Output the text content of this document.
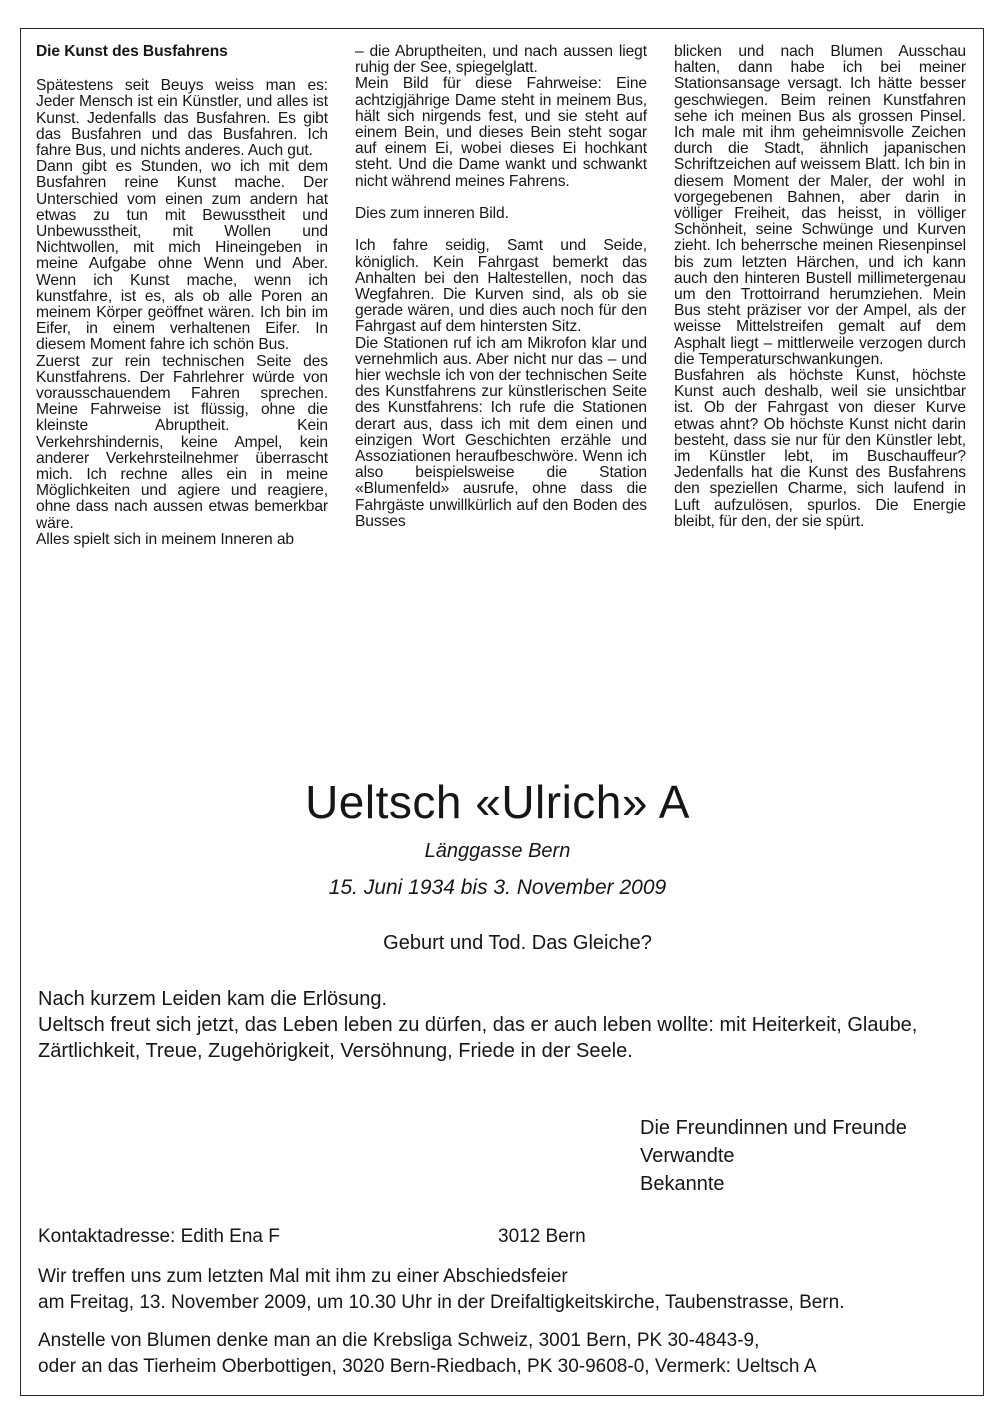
Die Kunst des Busfahrens

Spätestens seit Beuys weiss man es: Jeder Mensch ist ein Künstler, und alles ist Kunst. Jedenfalls das Busfahren. Es gibt das Busfahren und das Busfahren. Ich fahre Bus, und nichts anderes. Auch gut.

Dann gibt es Stunden, wo ich mit dem Busfahren reine Kunst mache. Der Unterschied vom einen zum andern hat etwas zu tun mit Bewusstheit und Unbewusstheit, mit Wollen und Nichtwollen, mit mich Hineingeben in meine Aufgabe ohne Wenn und Aber. Wenn ich Kunst mache, wenn ich kunstfahre, ist es, als ob alle Poren an meinem Körper geöffnet wären. Ich bin im Eifer, in einem verhaltenen Eifer. In diesem Moment fahre ich schön Bus.

Zuerst zur rein technischen Seite des Kunstfahrens. Der Fahrlehrer würde von vorausschauendem Fahren sprechen. Meine Fahrweise ist flüssig, ohne die kleinste Abruptheit. Kein Verkehrshindernis, keine Ampel, kein anderer Verkehrsteilnehmer überrascht mich. Ich rechne alles ein in meine Möglichkeiten und agiere und reagiere, ohne dass nach aussen etwas bemerkbar wäre.

Alles spielt sich in meinem Inneren ab

– die Abruptheiten, und nach aussen liegt ruhig der See, spiegelglatt.

Mein Bild für diese Fahrweise: Eine achtzigjährige Dame steht in meinem Bus, hält sich nirgends fest, und sie steht auf einem Bein, und dieses Bein steht sogar auf einem Ei, wobei dieses Ei hochkant steht. Und die Dame wankt und schwankt nicht während meines Fahrens.

Dies zum inneren Bild.

Ich fahre seidig, Samt und Seide, königlich. Kein Fahrgast bemerkt das Anhalten bei den Haltestellen, noch das Wegfahren. Die Kurven sind, als ob sie gerade wären, und dies auch noch für den Fahrgast auf dem hintersten Sitz.

Die Stationen ruf ich am Mikrofon klar und vernehmlich aus. Aber nicht nur das – und hier wechsle ich von der technischen Seite des Kunstfahrens zur künstlerischen Seite des Kunstfahrens: Ich rufe die Stationen derart aus, dass ich mit dem einen und einzigen Wort Geschichten erzähle und Assoziationen heraufbeschwöre. Wenn ich also beispielsweise die Station «Blumenfeld» ausrufe, ohne dass die Fahrgäste unwillkürlich auf den Boden des Busses

blicken und nach Blumen Ausschau halten, dann habe ich bei meiner Stationsansage versagt. Ich hätte besser geschwiegen. Beim reinen Kunstfahren sehe ich meinen Bus als grossen Pinsel. Ich male mit ihm geheimnisvolle Zeichen durch die Stadt, ähnlich japanischen Schriftzeichen auf weissem Blatt. Ich bin in diesem Moment der Maler, der wohl in vorgegebenen Bahnen, aber darin in völliger Freiheit, das heisst, in völliger Schönheit, seine Schwünge und Kurven zieht. Ich beherrsche meinen Riesenpinsel bis zum letzten Härchen, und ich kann auch den hinteren Bustell millimetergenau um den Trottoirrand herumziehen. Mein Bus steht präziser vor der Ampel, als der weisse Mittelstreifen gemalt auf dem Asphalt liegt – mittlerweile verzogen durch die Temperaturschwankungen.

Busfahren als höchste Kunst, höchste Kunst auch deshalb, weil sie unsichtbar ist. Ob der Fahrgast von dieser Kurve etwas ahnt? Ob höchste Kunst nicht darin besteht, dass sie nur für den Künstler lebt, im Künstler lebt, im Buschauffeur? Jedenfalls hat die Kunst des Busfahrens den speziellen Charme, sich laufend in Luft aufzulösen, spurlos. Die Energie bleibt, für den, der sie spürt.

Ueltsch «Ulrich» A
Länggasse Bern
15. Juni 1934 bis 3. November 2009
Geburt und Tod. Das Gleiche?

Nach kurzem Leiden kam die Erlösung.

Ueltsch freut sich jetzt, das Leben leben zu dürfen, das er auch leben wollte: mit Heiterkeit, Glaube, Zärtlichkeit, Treue, Zugehörigkeit, Versöhnung, Friede in der Seele.

Die Freundinnen und Freunde
Verwandte
Bekannte
Kontaktadresse: Edith Ena F	3012 Bern

Wir treffen uns zum letzten Mal mit ihm zu einer Abschiedsfeier

am Freitag, 13. November 2009, um 10.30 Uhr in der Dreifaltigkeitskirche, Taubenstrasse, Bern.

Anstelle von Blumen denke man an die Krebsliga Schweiz, 3001 Bern, PK 30-4843-9,

oder an das Tierheim Oberbottigen, 3020 Bern-Riedbach, PK 30-9608-0, Vermerk: Ueltsch A
